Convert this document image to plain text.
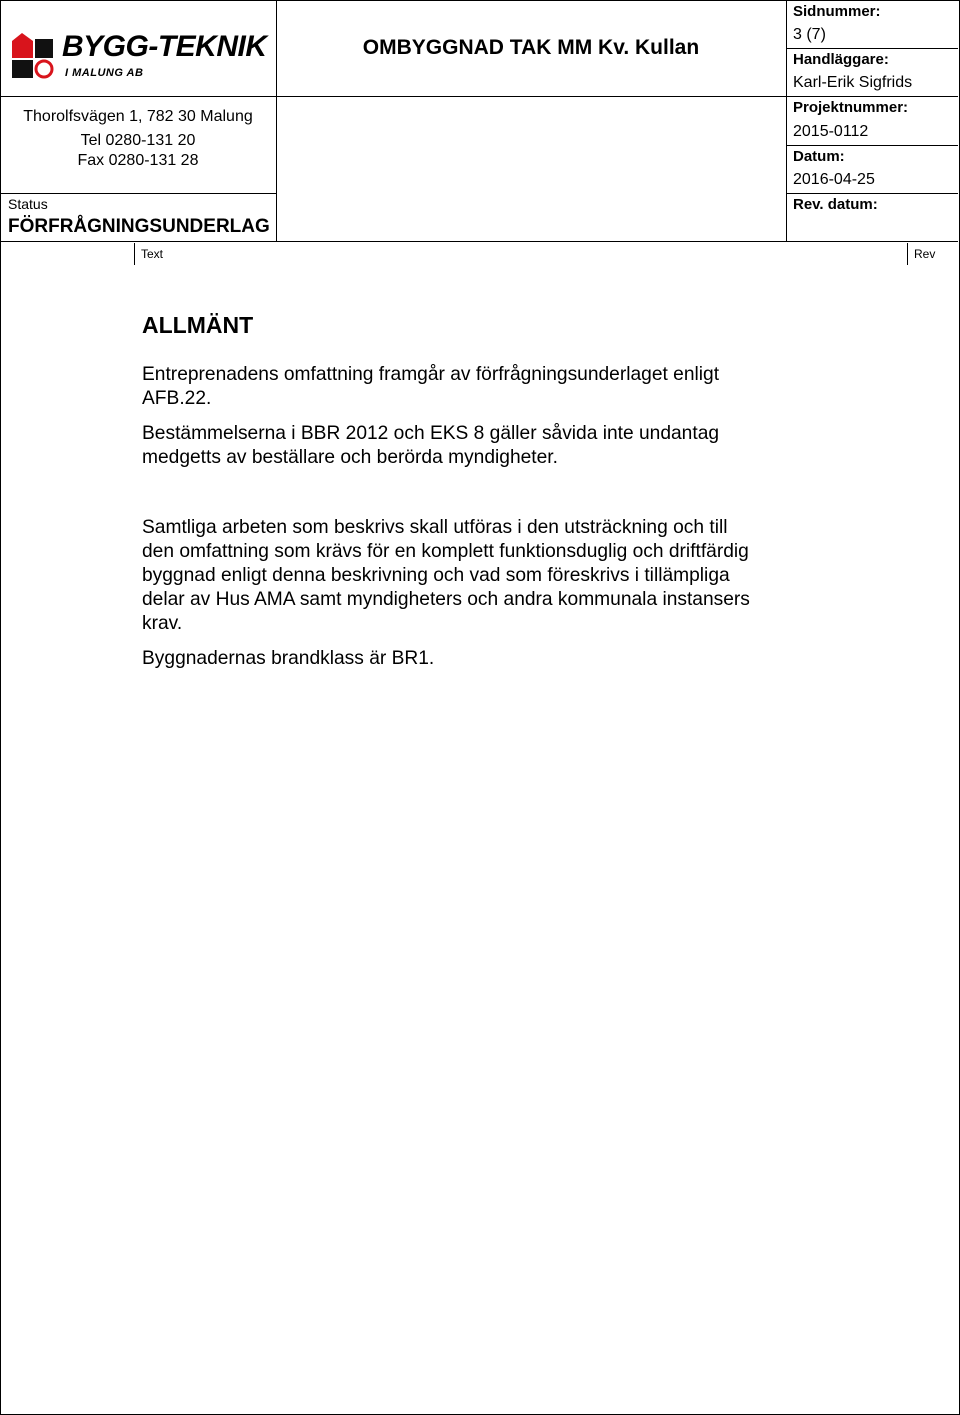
Text	Rev
BYGG-TEKNIK
I MALUNG AB
Thorolfsvägen 1, 782 30 Malung
Tel 0280-131 20
Fax 0280-131 28
Status
FÖRFRÅGNINGSUNDERLAG
OMBYGGNAD TAK MM Kv. Kullan
Sidnummer:
3 (7)
Handläggare:
Karl-Erik Sigfrids
Projektnummer:
2015-0112
Datum:
2016-04-25
Rev. datum:
ALLMÄNT
Entreprenadens omfattning framgår av förfrågningsunderlaget enligt
AFB.22.
Bestämmelserna i BBR 2012 och EKS 8 gäller såvida inte undantag
medgetts av beställare och berörda myndigheter.
Samtliga arbeten som beskrivs skall utföras i den utsträckning och till
den omfattning som krävs för en komplett funktionsduglig och driftfärdig
byggnad enligt denna beskrivning och vad som föreskrivs i tillämpliga
delar av Hus AMA samt myndigheters och andra kommunala instansers
krav.
Byggnadernas brandklass är BR1.
